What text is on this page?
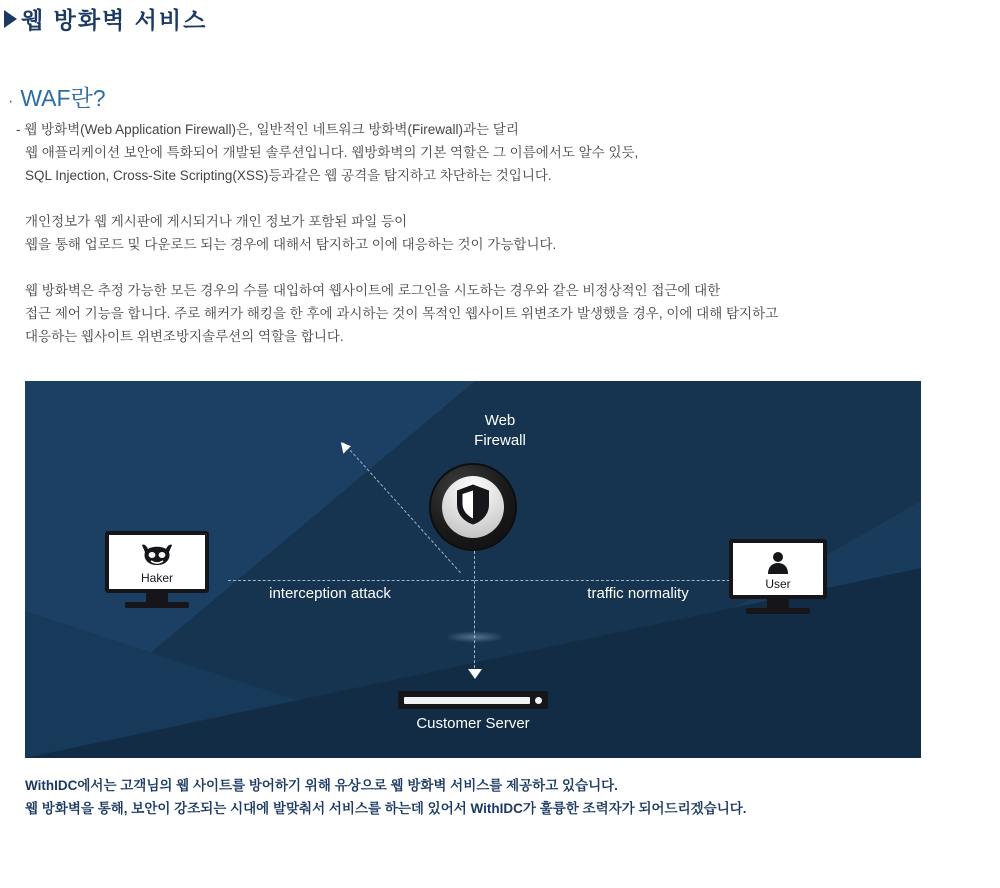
웹 방화벽 서비스
· WAF란?

- 웹 방화벽(Web Application Firewall)은, 일반적인 네트워크 방화벽(Firewall)과는 달리

웹 애플리케이션 보안에 특화되어 개발된 솔루션입니다. 웹방화벽의 기본 역할은 그 이름에서도 알수 있듯,

SQL Injection, Cross-Site Scripting(XSS)등과같은 웹 공격을 탐지하고 차단하는 것입니다.

개인정보가 웹 게시판에 게시되거나 개인 정보가 포함된 파일 등이

웹을 통해 업로드 및 다운로드 되는 경우에 대해서 탐지하고 이에 대응하는 것이 가능합니다.

웹 방화벽은 추정 가능한 모든 경우의 수를 대입하여 웹사이트에 로그인을 시도하는 경우와 같은 비정상적인 접근에 대한

접근 제어 기능을 합니다. 주로 해커가 해킹을 한 후에 과시하는 것이 목적인 웹사이트 위변조가 발생했을 경우, 이에 대해 탐지하고

대응하는 웹사이트 위변조방지솔루션의 역할을 합니다.

Web
Firewall
interception attack	traffic normality
Haker	User
Customer Server

WithIDC에서는 고객님의 웹 사이트를 방어하기 위해 유상으로 웹 방화벽 서비스를 제공하고 있습니다.

웹 방화벽을 통해, 보안이 강조되는 시대에 발맞춰서 서비스를 하는데 있어서 WithIDC가 훌륭한 조력자가 되어드리겠습니다.
